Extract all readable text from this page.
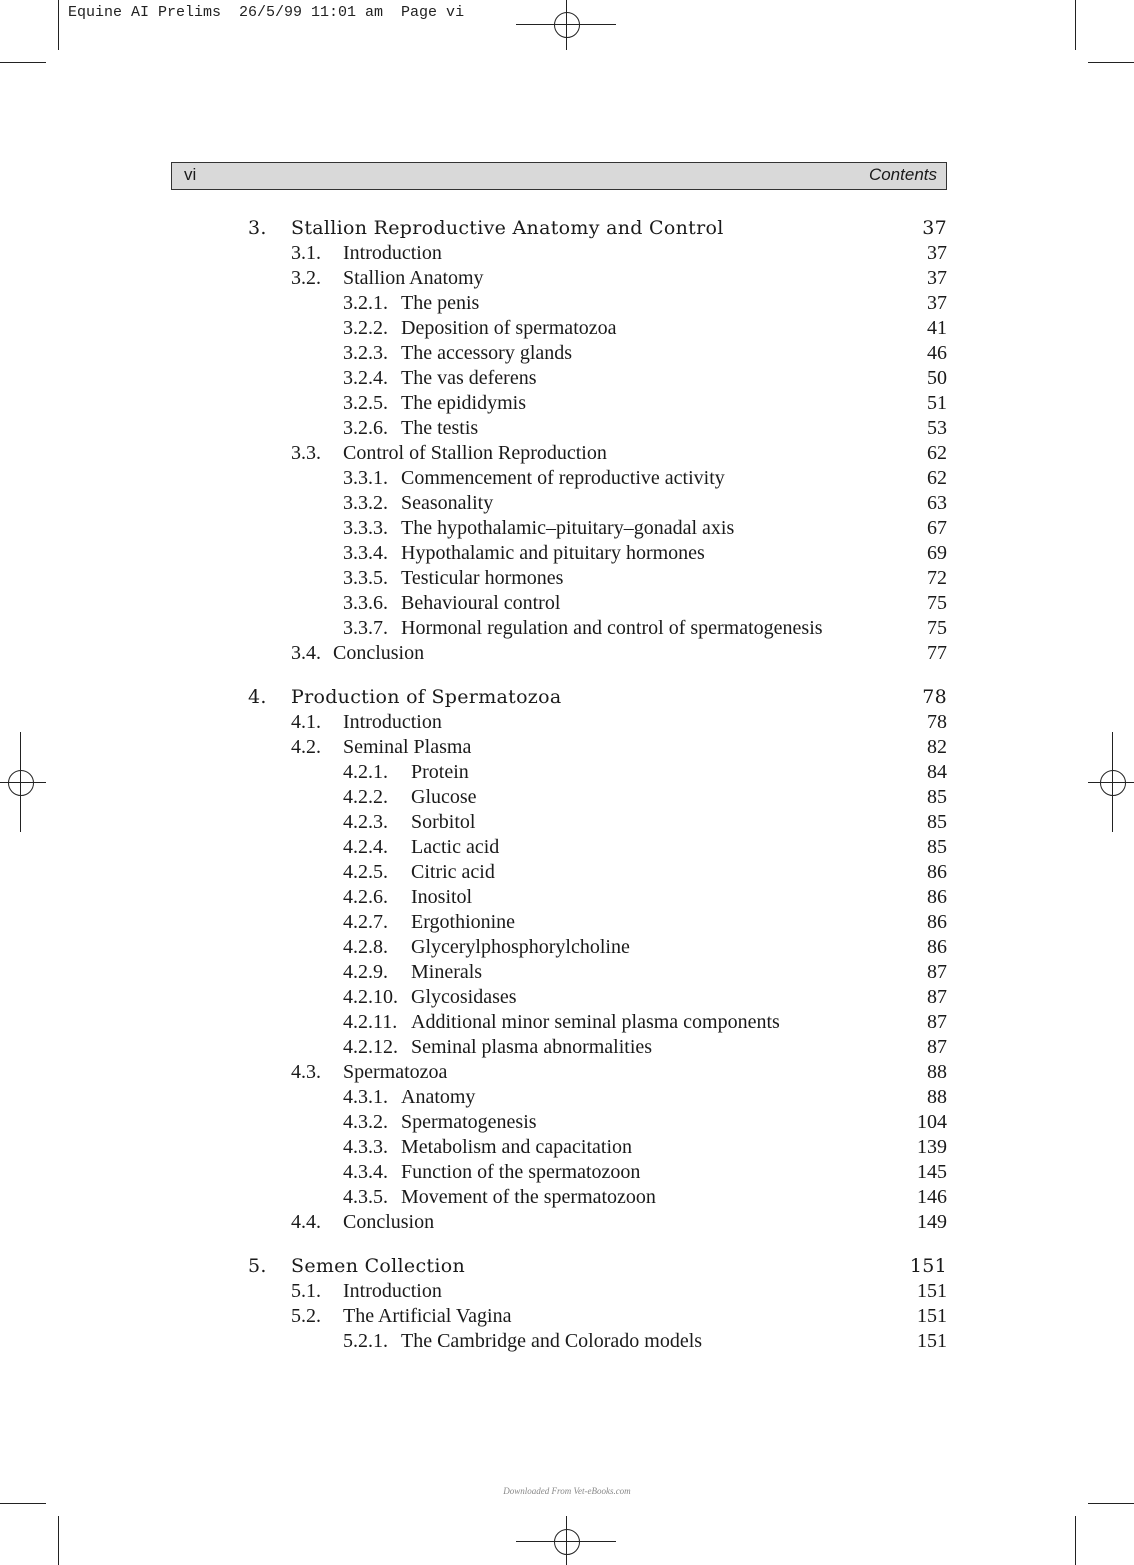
Equine AI Prelims  26/5/99 11:01 am  Page vi
vi	Contents
3. Stallion Reproductive Anatomy and Control	37
3.1. Introduction	37
3.2. Stallion Anatomy	37
3.2.1. The penis	37
3.2.2. Deposition of spermatozoa	41
3.2.3. The accessory glands	46
3.2.4. The vas deferens	50
3.2.5. The epididymis	51
3.2.6. The testis	53
3.3. Control of Stallion Reproduction	62
3.3.1. Commencement of reproductive activity	62
3.3.2. Seasonality	63
3.3.3. The hypothalamic–pituitary–gonadal axis	67
3.3.4. Hypothalamic and pituitary hormones	69
3.3.5. Testicular hormones	72
3.3.6. Behavioural control	75
3.3.7. Hormonal regulation and control of spermatogenesis	75
3.4. Conclusion	77
4. Production of Spermatozoa	78
4.1. Introduction	78
4.2. Seminal Plasma	82
4.2.1. Protein	84
4.2.2. Glucose	85
4.2.3. Sorbitol	85
4.2.4. Lactic acid	85
4.2.5. Citric acid	86
4.2.6. Inositol	86
4.2.7. Ergothionine	86
4.2.8. Glycerylphosphorylcholine	86
4.2.9. Minerals	87
4.2.10. Glycosidases	87
4.2.11. Additional minor seminal plasma components	87
4.2.12. Seminal plasma abnormalities	87
4.3. Spermatozoa	88
4.3.1. Anatomy	88
4.3.2. Spermatogenesis	104
4.3.3. Metabolism and capacitation	139
4.3.4. Function of the spermatozoon	145
4.3.5. Movement of the spermatozoon	146
4.4. Conclusion	149
5. Semen Collection	151
5.1. Introduction	151
5.2. The Artificial Vagina	151
5.2.1. The Cambridge and Colorado models	151
Downloaded From Vet-eBooks.com
